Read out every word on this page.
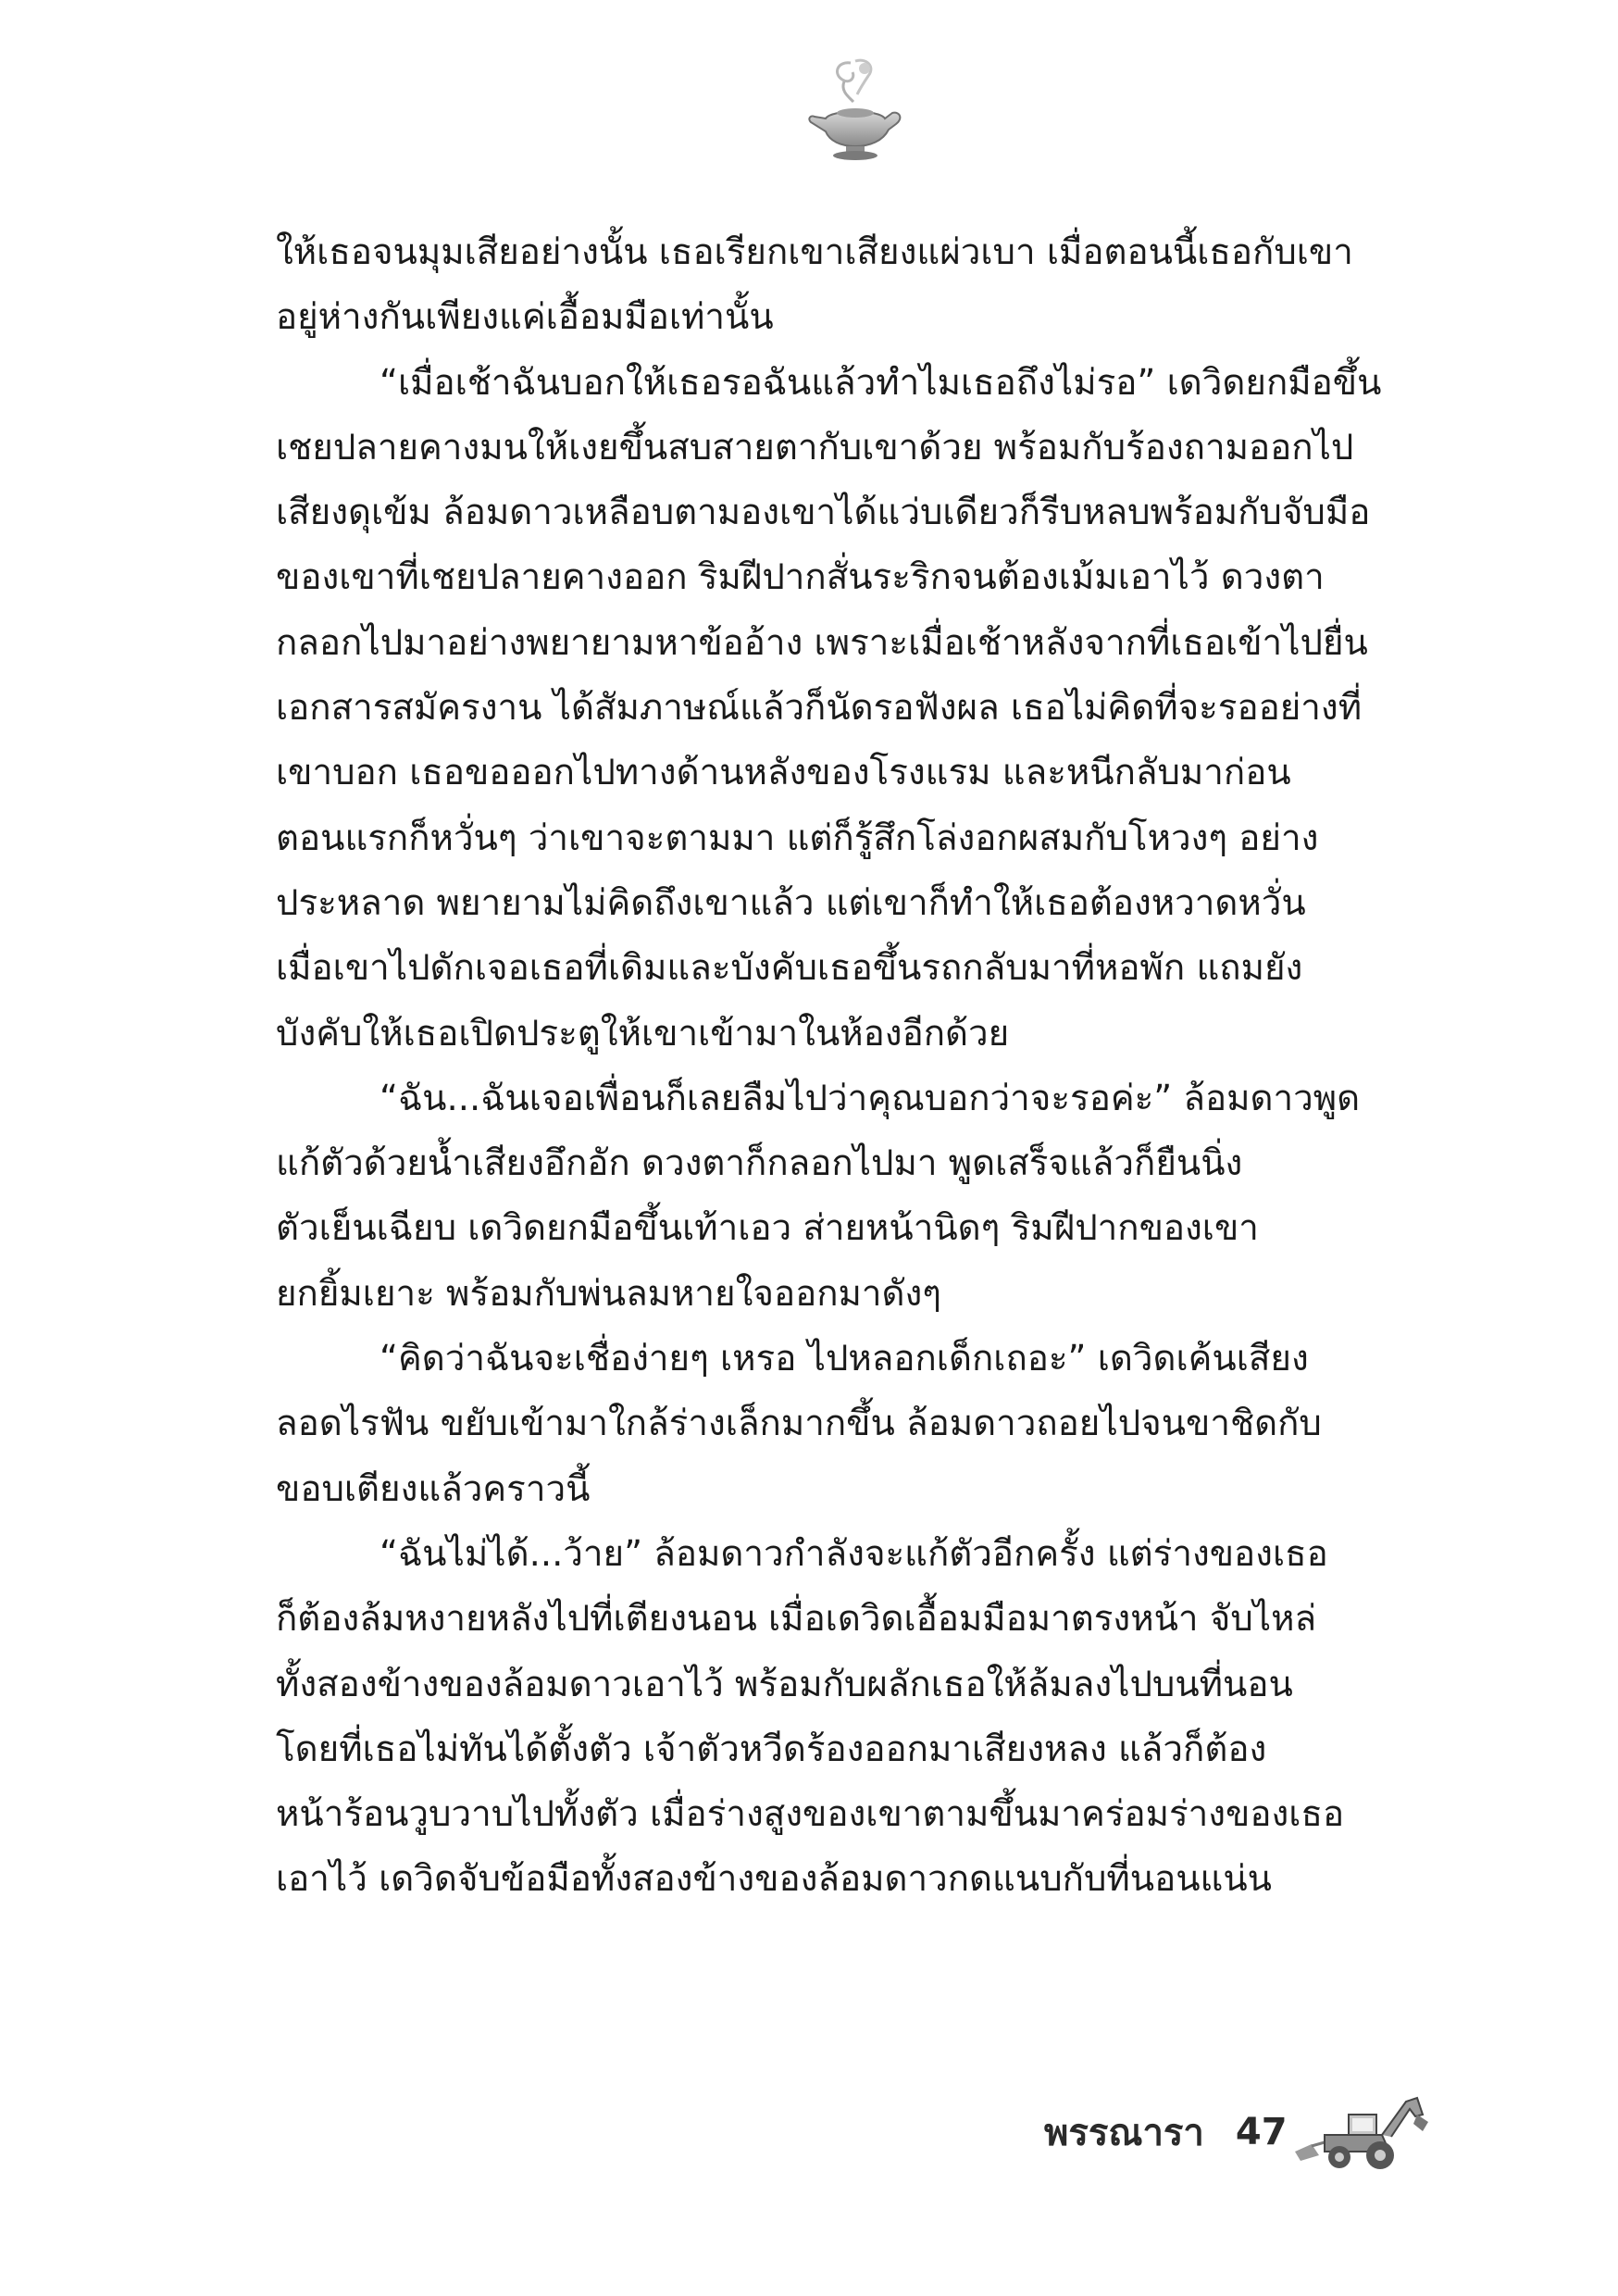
ให้เธอจนมุมเสียอย่างนั้น เธอเรียกเขาเสียงแผ่วเบา เมื่อตอนนี้เธอกับเขา
อยู่ห่างกันเพียงแค่เอื้อมมือเท่านั้น
“เมื่อเช้าฉันบอกให้เธอรอฉันแล้วทำไมเธอถึงไม่รอ” เดวิดยกมือขึ้น
เชยปลายคางมนให้เงยขึ้นสบสายตากับเขาด้วย พร้อมกับร้องถามออกไป
เสียงดุเข้ม ล้อมดาวเหลือบตามองเขาได้แว่บเดียวก็รีบหลบพร้อมกับจับมือ
ของเขาที่เชยปลายคางออก ริมฝีปากสั่นระริกจนต้องเม้มเอาไว้ ดวงตา
กลอกไปมาอย่างพยายามหาข้ออ้าง เพราะเมื่อเช้าหลังจากที่เธอเข้าไปยื่น
เอกสารสมัครงาน ได้สัมภาษณ์แล้วก็นัดรอฟังผล เธอไม่คิดที่จะรออย่างที่
เขาบอก เธอขอออกไปทางด้านหลังของโรงแรม และหนีกลับมาก่อน
ตอนแรกก็หวั่นๆ ว่าเขาจะตามมา แต่ก็รู้สึกโล่งอกผสมกับโหวงๆ อย่าง
ประหลาด พยายามไม่คิดถึงเขาแล้ว แต่เขาก็ทำให้เธอต้องหวาดหวั่น
เมื่อเขาไปดักเจอเธอที่เดิมและบังคับเธอขึ้นรถกลับมาที่หอพัก แถมยัง
บังคับให้เธอเปิดประตูให้เขาเข้ามาในห้องอีกด้วย
“ฉัน...ฉันเจอเพื่อนก็เลยลืมไปว่าคุณบอกว่าจะรอค่ะ” ล้อมดาวพูด
แก้ตัวด้วยน้ำเสียงอึกอัก ดวงตาก็กลอกไปมา พูดเสร็จแล้วก็ยืนนิ่ง
ตัวเย็นเฉียบ เดวิดยกมือขึ้นเท้าเอว ส่ายหน้านิดๆ ริมฝีปากของเขา
ยกยิ้มเยาะ พร้อมกับพ่นลมหายใจออกมาดังๆ
“คิดว่าฉันจะเชื่อง่ายๆ เหรอ ไปหลอกเด็กเถอะ” เดวิดเค้นเสียง
ลอดไรฟัน ขยับเข้ามาใกล้ร่างเล็กมากขึ้น ล้อมดาวถอยไปจนขาชิดกับ
ขอบเตียงแล้วคราวนี้
“ฉันไม่ได้...ว้าย” ล้อมดาวกำลังจะแก้ตัวอีกครั้ง แต่ร่างของเธอ
ก็ต้องล้มหงายหลังไปที่เตียงนอน เมื่อเดวิดเอื้อมมือมาตรงหน้า จับไหล่
ทั้งสองข้างของล้อมดาวเอาไว้ พร้อมกับผลักเธอให้ล้มลงไปบนที่นอน
โดยที่เธอไม่ทันได้ตั้งตัว เจ้าตัวหวีดร้องออกมาเสียงหลง แล้วก็ต้อง
หน้าร้อนวูบวาบไปทั้งตัว เมื่อร่างสูงของเขาตามขึ้นมาคร่อมร่างของเธอ
เอาไว้ เดวิดจับข้อมือทั้งสองข้างของล้อมดาวกดแนบกับที่นอนแน่น
พรรณารา 47
